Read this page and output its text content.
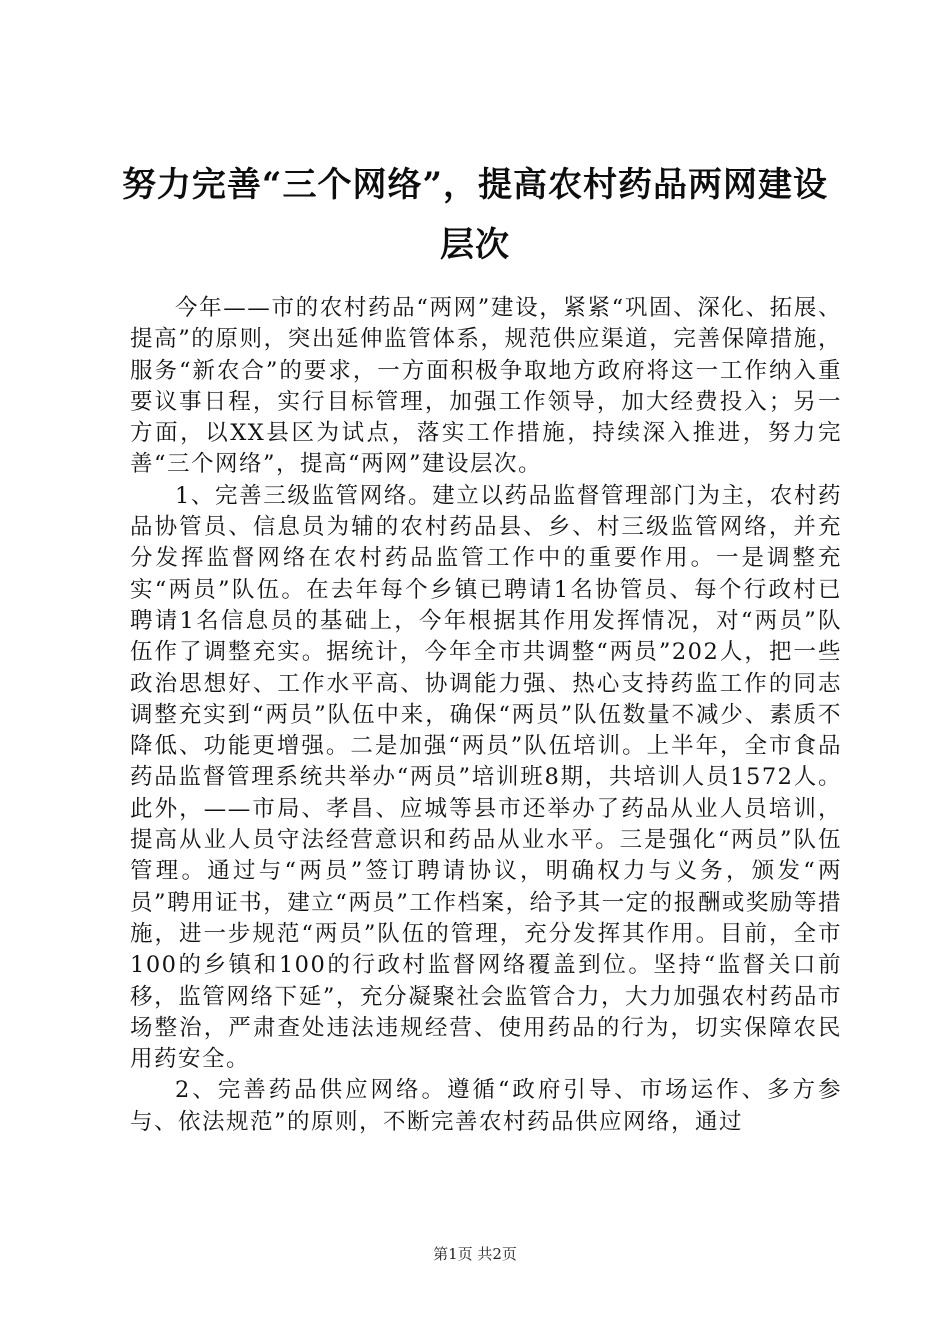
努力完善“三个网络”，提高农村药品两网建设层次

今年——市的农村药品“两网”建设，紧紧“巩固、深化、拓展、提高”的原则，突出延伸监管体系，规范供应渠道，完善保障措施，服务“新农合”的要求，一方面积极争取地方政府将这一工作纳入重要议事日程，实行目标管理，加强工作领导，加大经费投入；另一方面，以XX县区为试点，落实工作措施，持续深入推进，努力完善“三个网络”，提高“两网”建设层次。

1、完善三级监管网络。建立以药品监督管理部门为主，农村药品协管员、信息员为辅的农村药品县、乡、村三级监管网络，并充分发挥监督网络在农村药品监管工作中的重要作用。一是调整充实“两员”队伍。在去年每个乡镇已聘请1名协管员、每个行政村已聘请1名信息员的基础上，今年根据其作用发挥情况，对“两员”队伍作了调整充实。据统计，今年全市共调整“两员”202人，把一些政治思想好、工作水平高、协调能力强、热心支持药监工作的同志调整充实到“两员”队伍中来，确保“两员”队伍数量不减少、素质不降低、功能更增强。二是加强“两员”队伍培训。上半年，全市食品药品监督管理系统共举办“两员”培训班8期，共培训人员1572人。此外，——市局、孝昌、应城等县市还举办了药品从业人员培训，提高从业人员守法经营意识和药品从业水平。三是强化“两员”队伍管理。通过与“两员”签订聘请协议，明确权力与义务，颁发“两员”聘用证书，建立“两员”工作档案，给予其一定的报酬或奖励等措施，进一步规范“两员”队伍的管理，充分发挥其作用。目前，全市100的乡镇和100的行政村监督网络覆盖到位。坚持“监督关口前移，监管网络下延”，充分凝聚社会监管合力，大力加强农村药品市场整治，严肃查处违法违规经营、使用药品的行为，切实保障农民用药安全。

2、完善药品供应网络。遵循“政府引导、市场运作、多方参与、依法规范”的原则，不断完善农村药品供应网络，通过

第1页 共2页
